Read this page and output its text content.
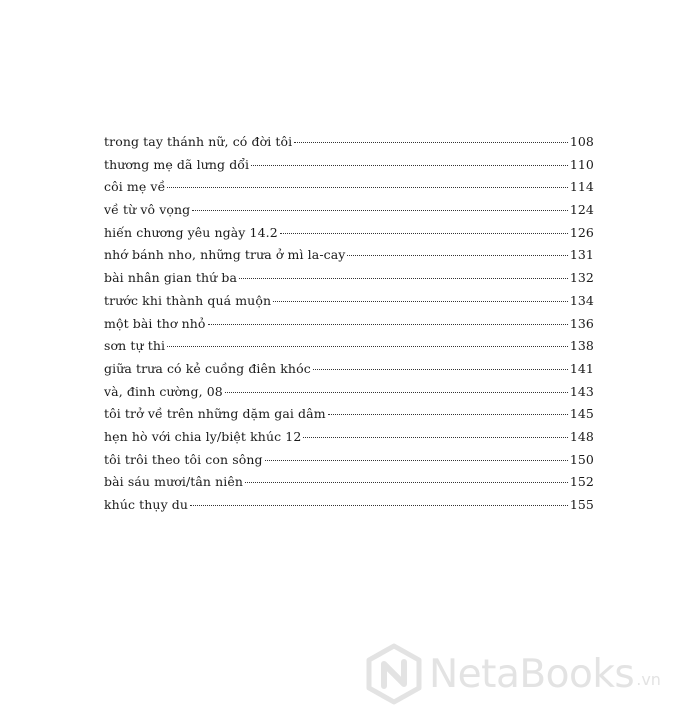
trong tay thánh nữ, có đời tôi	108
thương mẹ dã lưng dổi	110
côi mẹ về	114
về từ vô vọng	124
hiến chương yêu ngày 14.2	126
nhớ bánh nho, những trưa ở mì la-cay	131
bài nhân gian thứ ba	132
trước khi thành quá muộn	134
một bài thơ nhỏ	136
sơn tự thi	138
giữa trưa có kẻ cuồng điên khóc	141
và, đinh cường, 08	143
tôi trở về trên những dặm gai dâm	145
hẹn hò với chia ly/biệt khúc 12	148
tôi trôi theo tôi con sông	150
bài sáu mươi/tân niên	152
khúc thụy du	155
NetaBooks .vn
